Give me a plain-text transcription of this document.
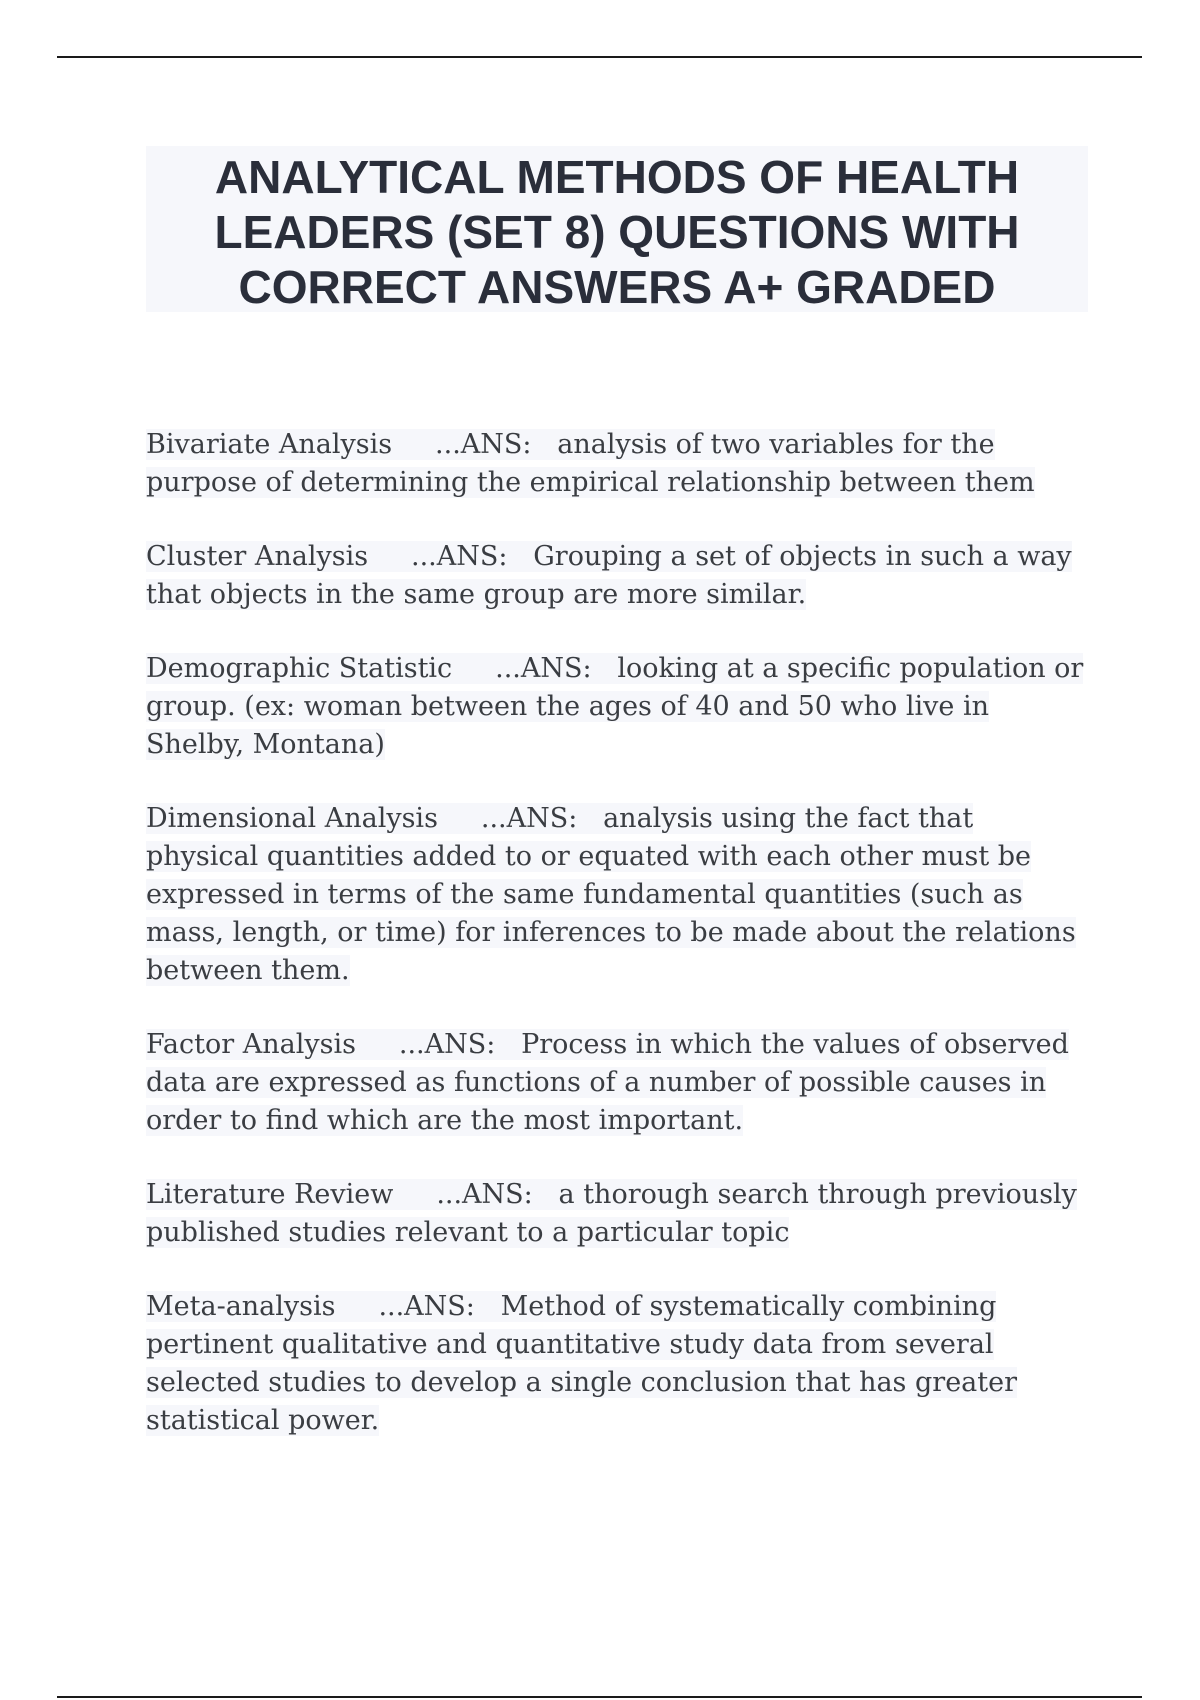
ANALYTICAL METHODS OF HEALTH LEADERS (SET 8) QUESTIONS WITH CORRECT ANSWERS A+ GRADED

Bivariate Analysis ...ANS: analysis of two variables for the purpose of determining the empirical relationship between them

Cluster Analysis ...ANS: Grouping a set of objects in such a way that objects in the same group are more similar.

Demographic Statistic ...ANS: looking at a specific population or group. (ex: woman between the ages of 40 and 50 who live in Shelby, Montana)

Dimensional Analysis ...ANS: analysis using the fact that physical quantities added to or equated with each other must be expressed in terms of the same fundamental quantities (such as mass, length, or time) for inferences to be made about the relations between them.

Factor Analysis ...ANS: Process in which the values of observed data are expressed as functions of a number of possible causes in order to find which are the most important.

Literature Review ...ANS: a thorough search through previously published studies relevant to a particular topic

Meta-analysis ...ANS: Method of systematically combining pertinent qualitative and quantitative study data from several selected studies to develop a single conclusion that has greater statistical power.
